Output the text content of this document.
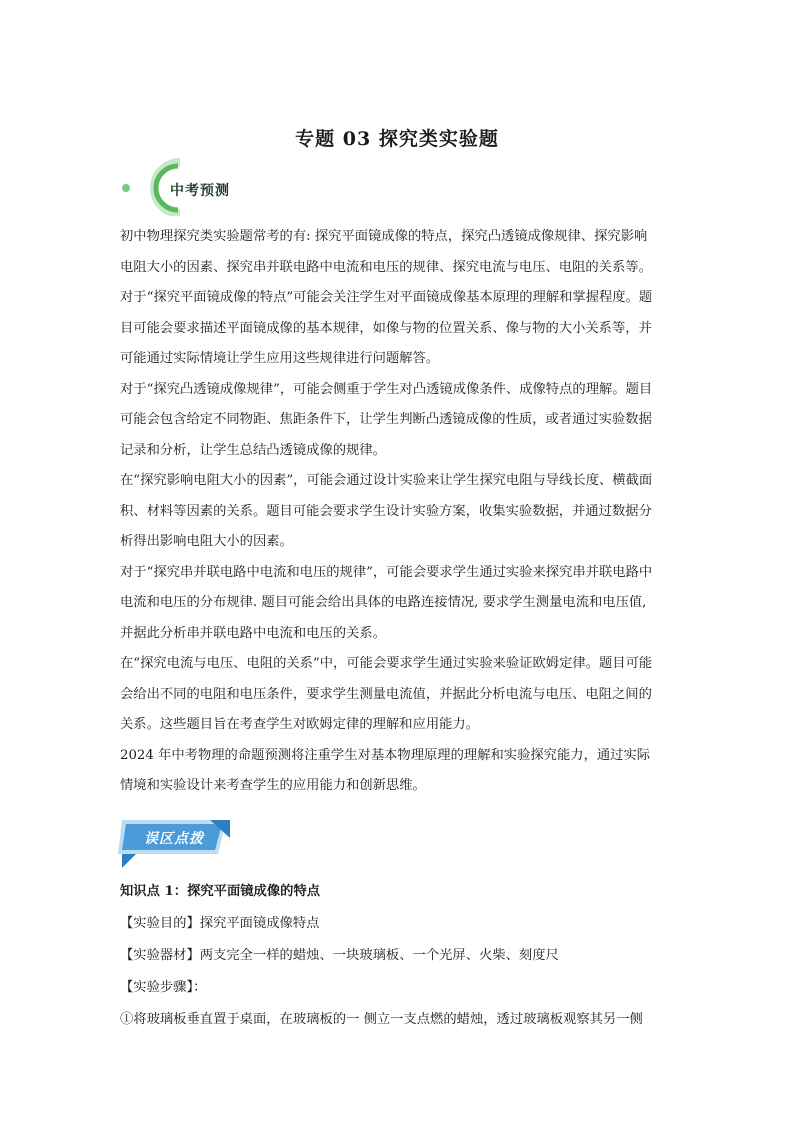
专题 03 探究类实验题
中考预测

初中物理探究类实验题常考的有: 探究平面镜成像的特点，探究凸透镜成像规律、探究影响

电阻大小的因素、探究串并联电路中电流和电压的规律、探究电流与电压、电阻的关系等。

对于“探究平面镜成像的特点”可能会关注学生对平面镜成像基本原理的理解和掌握程度。题

目可能会要求描述平面镜成像的基本规律，如像与物的位置关系、像与物的大小关系等，并

可能通过实际情境让学生应用这些规律进行问题解答。

对于“探究凸透镜成像规律”，可能会侧重于学生对凸透镜成像条件、成像特点的理解。题目

可能会包含给定不同物距、焦距条件下，让学生判断凸透镜成像的性质，或者通过实验数据

记录和分析，让学生总结凸透镜成像的规律。

在“探究影响电阻大小的因素”，可能会通过设计实验来让学生探究电阻与导线长度、横截面

积、材料等因素的关系。题目可能会要求学生设计实验方案，收集实验数据，并通过数据分

析得出影响电阻大小的因素。

对于“探究串并联电路中电流和电压的规律”，可能会要求学生通过实验来探究串并联电路中

电流和电压的分布规律. 题目可能会给出具体的电路连接情况, 要求学生测量电流和电压值,

并据此分析串并联电路中电流和电压的关系。

在“探究电流与电压、电阻的关系”中，可能会要求学生通过实验来验证欧姆定律。题目可能

会给出不同的电阻和电压条件，要求学生测量电流值，并据此分析电流与电压、电阻之间的

关系。这些题目旨在考查学生对欧姆定律的理解和应用能力。

2024 年中考物理的命题预测将注重学生对基本物理原理的理解和实验探究能力，通过实际

情境和实验设计来考查学生的应用能力和创新思维。

误区点拨

知识点 1：探究平面镜成像的特点

【实验目的】探究平面镜成像特点

【实验器材】两支完全一样的蜡烛、一块玻璃板、一个光屏、火柴、刻度尺

【实验步骤】：

①将玻璃板垂直置于桌面，在玻璃板的一 侧立一支点燃的蜡烛，透过玻璃板观察其另一侧
